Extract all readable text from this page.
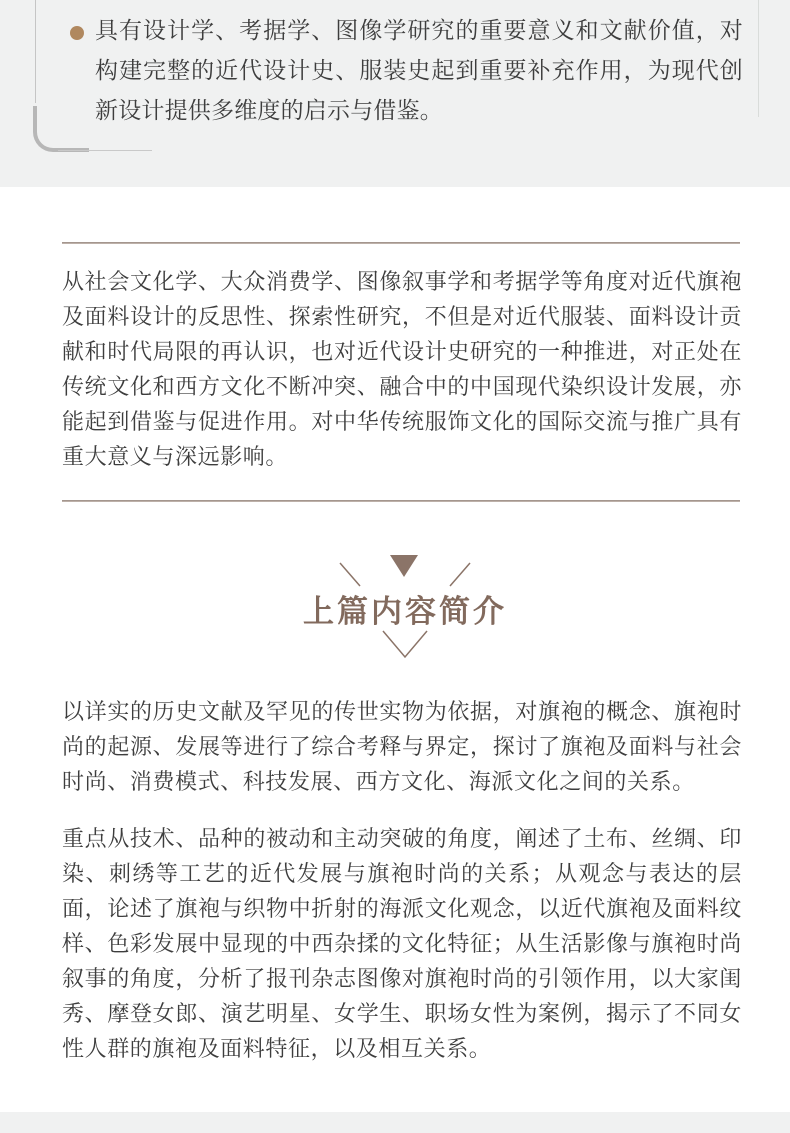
具有设计学、考据学、图像学研究的重要意义和文献价值，对构建完整的近代设计史、服装史起到重要补充作用，为现代创新设计提供多维度的启示与借鉴。
从社会文化学、大众消费学、图像叙事学和考据学等角度对近代旗袍及面料设计的反思性、探索性研究，不但是对近代服装、面料设计贡献和时代局限的再认识，也对近代设计史研究的一种推进，对正处在传统文化和西方文化不断冲突、融合中的中国现代染织设计发展，亦能起到借鉴与促进作用。对中华传统服饰文化的国际交流与推广具有重大意义与深远影响。
上篇内容简介
以详实的历史文献及罕见的传世实物为依据，对旗袍的概念、旗袍时尚的起源、发展等进行了综合考释与界定，探讨了旗袍及面料与社会时尚、消费模式、科技发展、西方文化、海派文化之间的关系。
重点从技术、品种的被动和主动突破的角度，阐述了土布、丝绸、印染、刺绣等工艺的近代发展与旗袍时尚的关系；从观念与表达的层面，论述了旗袍与织物中折射的海派文化观念，以近代旗袍及面料纹样、色彩发展中显现的中西杂揉的文化特征；从生活影像与旗袍时尚叙事的角度，分析了报刊杂志图像对旗袍时尚的引领作用，以大家闺秀、摩登女郎、演艺明星、女学生、职场女性为案例，揭示了不同女性人群的旗袍及面料特征，以及相互关系。
